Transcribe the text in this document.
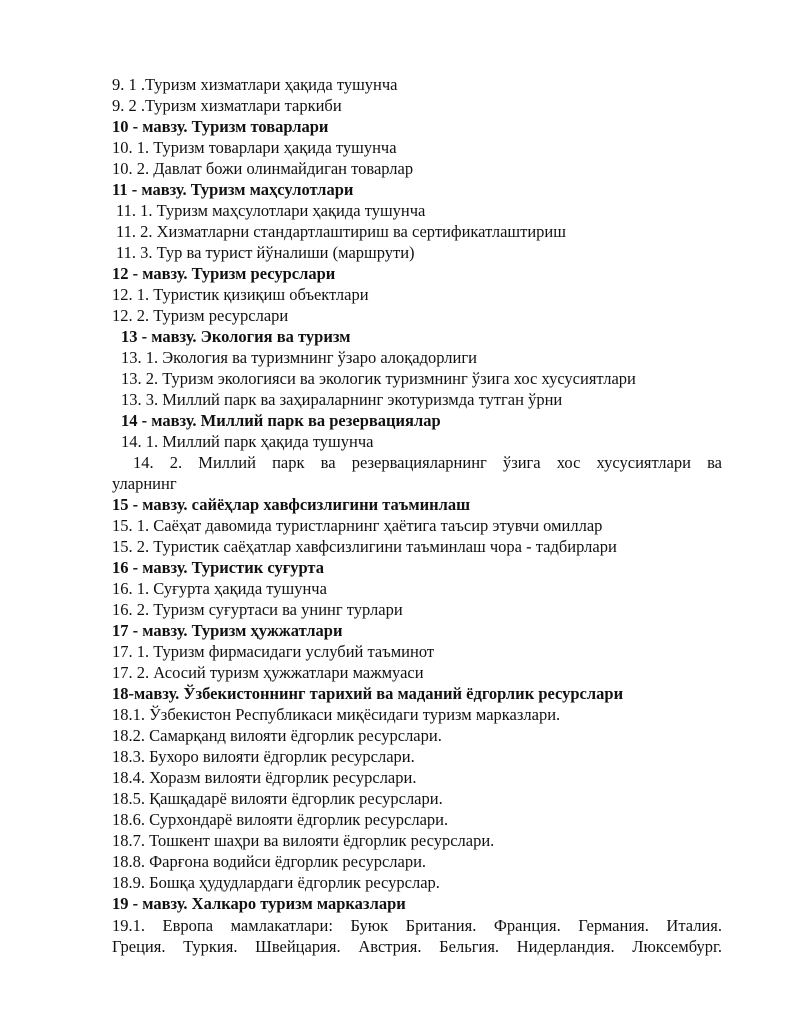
9. 1 .Туризм хизматлари ҳақида тушунча
9. 2 .Туризм хизматлари таркиби
10 - мавзу. Туризм товарлари
10. 1. Туризм товарлари ҳақида тушунча
10. 2. Давлат божи олинмайдиган товарлар
11 - мавзу. Туризм маҳсулотлари
11. 1. Туризм маҳсулотлари ҳақида тушунча
11. 2. Хизматларни стандартлаштириш ва сертификатлаштириш
11. 3. Тур ва турист йўналиши (маршрути)
12 - мавзу. Туризм ресурслари
12. 1. Туристик қизиқиш объектлари
12. 2. Туризм ресурслари
13 - мавзу. Экология ва туризм
13. 1. Экология ва туризмнинг ўзаро алоқадорлиги
13. 2. Туризм экологияси ва экологик туризмнинг ўзига хос хусусиятлари
13. 3. Миллий парк ва заҳираларнинг экотуризмда тутган ўрни
14 - мавзу. Миллий парк ва резервациялар
14. 1. Миллий парк ҳақида тушунча
14. 2. Миллий парк ва резервацияларнинг ўзига хос хусусиятлари ва
уларнинг
15 - мавзу. сайёҳлар хавфсизлигини таъминлаш
15. 1. Саёҳат давомида туристларнинг ҳаётига таъсир этувчи омиллар
15. 2. Туристик саёҳатлар хавфсизлигини таъминлаш чора - тадбирлари
16 - мавзу. Туристик суғурта
16. 1. Суғурта ҳақида тушунча
16. 2. Туризм суғуртаси ва унинг турлари
17 - мавзу. Туризм ҳужжатлари
17. 1. Туризм фирмасидаги услубий таъминот
17. 2. Асосий туризм ҳужжатлари мажмуаси
18-мавзу. Ўзбекистоннинг тарихий ва маданий ёдгорлик ресурслари
18.1. Ўзбекистон Республикаси миқёсидаги туризм марказлари.
18.2. Самарқанд вилояти ёдгорлик ресурслари.
18.3. Бухоро вилояти ёдгорлик ресурслари.
18.4. Хоразм вилояти ёдгорлик ресурслари.
18.5. Қашқадарё вилояти ёдгорлик ресурслари.
18.6. Сурхондарё вилояти ёдгорлик ресурслари.
18.7. Тошкент шаҳри ва вилояти ёдгорлик ресурслари.
18.8. Фарғона водийси ёдгорлик ресурслари.
18.9. Бошқа ҳудудлардаги ёдгорлик ресурслар.
19 - мавзу. Халкаро туризм марказлари
19.1. Европа мамлакатлари: Буюк Британия. Франция. Германия. Италия.
Греция. Туркия. Швейцария. Австрия. Бельгия. Нидерландия. Люксембург.
